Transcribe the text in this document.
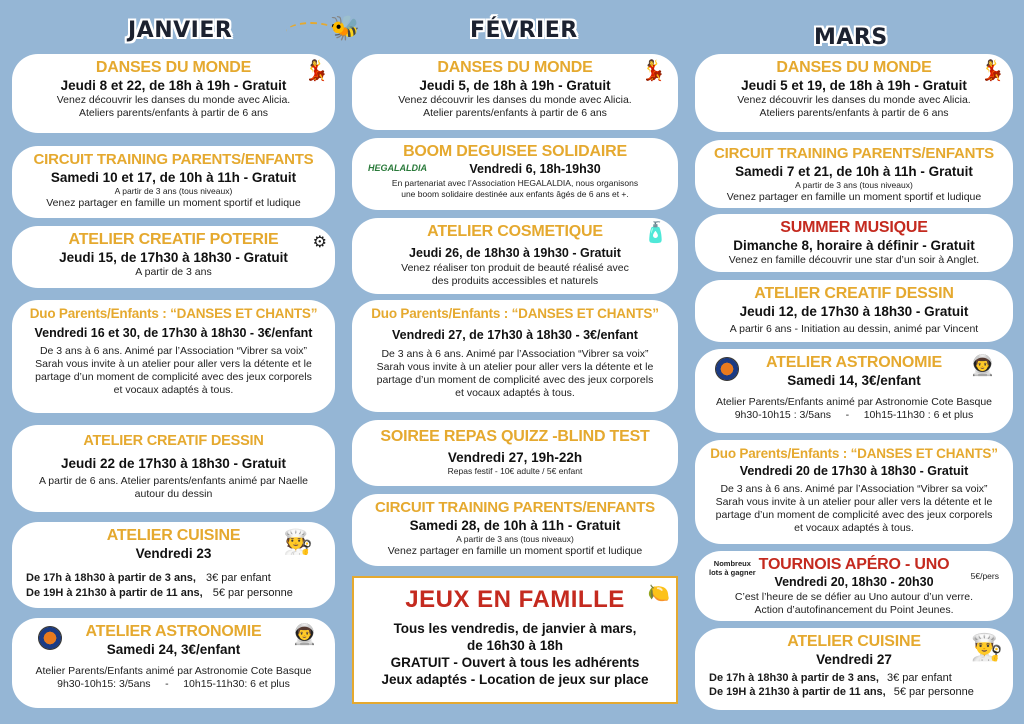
JANVIER	FÉVRIER	MARS
🐝
DANSES DU MONDE
Jeudi 8 et 22, de 18h à 19h - Gratuit
Venez découvrir les danses du monde avec Alicia.
Ateliers parents/enfants à partir de 6 ans
💃
CIRCUIT TRAINING PARENTS/ENFANTS
Samedi 10 et 17, de 10h à 11h - Gratuit
A partir de 3 ans (tous niveaux)
Venez partager en famille un moment sportif et ludique
ATELIER CREATIF POTERIE
Jeudi 15, de 17h30 à 18h30 - Gratuit
A partir de 3 ans
⚙
Duo Parents/Enfants : “DANSES ET CHANTS”
Vendredi 16 et 30, de 17h30 à 18h30 - 3€/enfant
De 3 ans à 6 ans. Animé par l’Association “Vibrer sa voix”
Sarah vous invite à un atelier pour aller vers la détente et le
partage d’un moment de complicité avec des jeux corporels
et vocaux adaptés à tous.
ATELIER CREATIF DESSIN
Jeudi 22 de 17h30 à 18h30 - Gratuit
A partir de 6 ans. Atelier parents/enfants animé par Naelle
autour du dessin
ATELIER CUISINE
Vendredi 23
De 17h à 18h30 à partir de 3 ans, 3€ par enfant
De 19H à 21h30 à partir de 11 ans, 5€ par personne
🧑‍🍳
ATELIER ASTRONOMIE
Samedi 24, 3€/enfant
Atelier Parents/Enfants animé par Astronomie Cote Basque
9h30-10h15: 3/5ans     -     10h15-11h30: 6 et plus
👨‍🚀
DANSES DU MONDE
Jeudi 5, de 18h à 19h - Gratuit
Venez découvrir les danses du monde avec Alicia.
Atelier parents/enfants à partir de 6 ans
💃
BOOM DEGUISEE SOLIDAIRE
Vendredi 6, 18h-19h30
En partenariat avec l’Association HEGALALDIA, nous organisons
une boom solidaire destinée aux enfants âgés de 6 ans et +.
HEGALALDIA
ATELIER COSMETIQUE
Jeudi 26, de 18h30 à 19h30 - Gratuit
Venez réaliser ton produit de beauté réalisé avec
des produits accessibles et naturels
🧴
Duo Parents/Enfants : “DANSES ET CHANTS”
Vendredi 27, de 17h30 à 18h30 - 3€/enfant
De 3 ans à 6 ans. Animé par l’Association “Vibrer sa voix”
Sarah vous invite à un atelier pour aller vers la détente et le
partage d’un moment de complicité avec des jeux corporels
et vocaux adaptés à tous.
SOIREE REPAS QUIZZ -BLIND TEST
Vendredi 27, 19h-22h
Repas festif - 10€ adulte / 5€ enfant
CIRCUIT TRAINING PARENTS/ENFANTS
Samedi 28, de 10h à 11h - Gratuit
A partir de 3 ans (tous niveaux)
Venez partager en famille un moment sportif et ludique
JEUX EN FAMILLE
Tous les vendredis, de janvier à mars,
de 16h30 à 18h
GRATUIT - Ouvert à tous les adhérents
Jeux adaptés - Location de jeux sur place
🍋
DANSES DU MONDE
Jeudi 5 et 19, de 18h à 19h - Gratuit
Venez découvrir les danses du monde avec Alicia.
Ateliers parents/enfants à partir de 6 ans
💃
CIRCUIT TRAINING PARENTS/ENFANTS
Samedi 7 et 21, de 10h à 11h - Gratuit
A partir de 3 ans (tous niveaux)
Venez partager en famille un moment sportif et ludique
SUMMER MUSIQUE
Dimanche 8, horaire à définir - Gratuit
Venez en famille découvrir une star d’un soir à Anglet.
ATELIER CREATIF DESSIN
Jeudi 12, de 17h30 à 18h30 - Gratuit
A partir 6 ans - Initiation au dessin, animé par Vincent
ATELIER ASTRONOMIE
Samedi 14, 3€/enfant
Atelier Parents/Enfants animé par Astronomie Cote Basque
9h30-10h15 : 3/5ans     -     10h15-11h30 : 6 et plus
👨‍🚀
Duo Parents/Enfants : “DANSES ET CHANTS”
Vendredi 20 de 17h30 à 18h30 - Gratuit
De 3 ans à 6 ans. Animé par l’Association “Vibrer sa voix”
Sarah vous invite à un atelier pour aller vers la détente et le
partage d’un moment de complicité avec des jeux corporels
et vocaux adaptés à tous.
TOURNOIS APÉRO - UNO
Vendredi 20, 18h30 - 20h30
C’est l’heure de se défier au Uno autour d’un verre.
Action d’autofinancement du Point Jeunes.
Nombreux
lots à gagner	5€/pers
ATELIER CUISINE
Vendredi 27
De 17h à 18h30 à partir de 3 ans, 3€ par enfant
De 19H à 21h30 à partir de 11 ans, 5€ par personne
👨‍🍳
